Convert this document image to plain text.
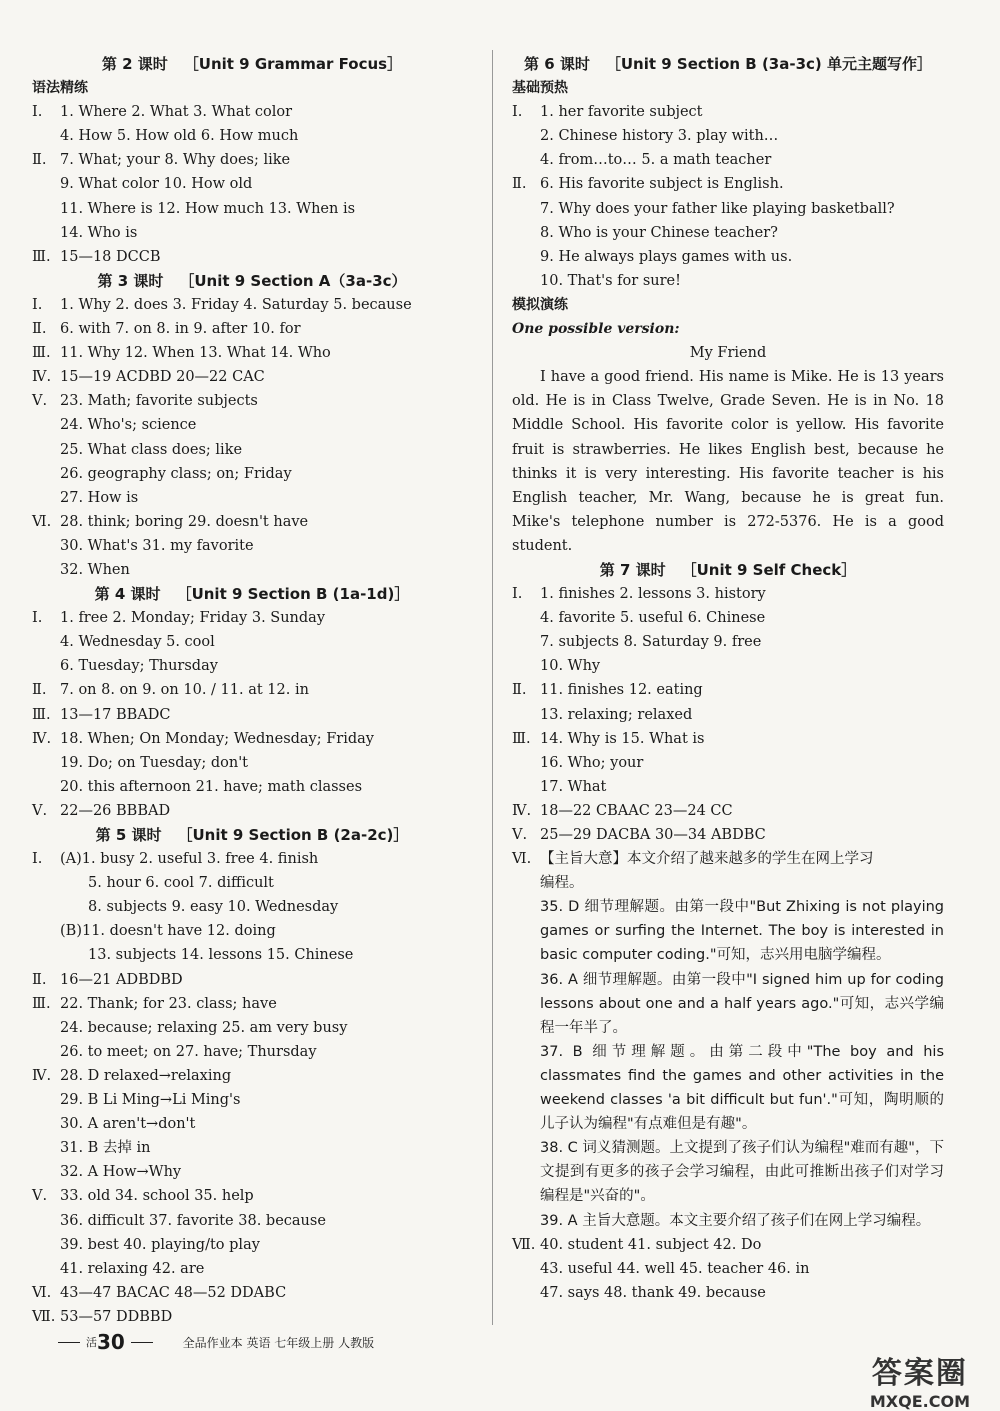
第 2 课时 ［Unit 9 Grammar Focus］
语法精练
Ⅰ. 1. Where 2. What 3. What color
4. How 5. How old 6. How much
Ⅱ. 7. What; your 8. Why does; like
9. What color 10. How old
11. Where is 12. How much 13. When is
14. Who is
Ⅲ. 15—18 DCCB
第 3 课时 ［Unit 9 Section A（3a-3c）
Ⅰ. 1. Why 2. does 3. Friday 4. Saturday 5. because
Ⅱ. 6. with 7. on 8. in 9. after 10. for
Ⅲ. 11. Why 12. When 13. What 14. Who
Ⅳ. 15—19 ACDBD 20—22 CAC
Ⅴ. 23. Math; favorite subjects
24. Who's; science
25. What class does; like
26. geography class; on; Friday
27. How is
Ⅵ. 28. think; boring 29. doesn't have
30. What's 31. my favorite
32. When
第 4 课时 ［Unit 9 Section B (1a-1d)］
Ⅰ. 1. free 2. Monday; Friday 3. Sunday
4. Wednesday 5. cool
6. Tuesday; Thursday
Ⅱ. 7. on 8. on 9. on 10. / 11. at 12. in
Ⅲ. 13—17 BBADC
Ⅳ. 18. When; On Monday; Wednesday; Friday
19. Do; on Tuesday; don't
20. this afternoon 21. have; math classes
Ⅴ. 22—26 BBBAD
第 5 课时 ［Unit 9 Section B (2a-2c)］
Ⅰ. (A)1. busy 2. useful 3. free 4. finish
5. hour 6. cool 7. difficult
8. subjects 9. easy 10. Wednesday
(B)11. doesn't have 12. doing
13. subjects 14. lessons 15. Chinese
Ⅱ. 16—21 ADBDBD
Ⅲ. 22. Thank; for 23. class; have
24. because; relaxing 25. am very busy
26. to meet; on 27. have; Thursday
Ⅳ. 28. D relaxed→relaxing
29. B Li Ming→Li Ming's
30. A aren't→don't
31. B 去掉 in
32. A How→Why
Ⅴ. 33. old 34. school 35. help
36. difficult 37. favorite 38. because
39. best 40. playing/to play
41. relaxing 42. are
Ⅵ. 43—47 BACAC 48—52 DDABC
Ⅶ. 53—57 DDBBD
第 6 课时 ［Unit 9 Section B (3a-3c) 单元主题写作］
基础预热
Ⅰ. 1. her favorite subject
2. Chinese history 3. play with…
4. from…to… 5. a math teacher
Ⅱ. 6. His favorite subject is English.
7. Why does your father like playing basketball?
8. Who is your Chinese teacher?
9. He always plays games with us.
10. That's for sure!
模拟演练
One possible version:
My Friend

I have a good friend. His name is Mike. He is 13 years old. He is in Class Twelve, Grade Seven. He is in No. 18 Middle School. His favorite color is yellow. His favorite fruit is strawberries. He likes English best, because he thinks it is very interesting. His favorite teacher is his English teacher, Mr. Wang, because he is great fun. Mike's telephone number is 272-5376. He is a good student.

第 7 课时 ［Unit 9 Self Check］
Ⅰ. 1. finishes 2. lessons 3. history
4. favorite 5. useful 6. Chinese
7. subjects 8. Saturday 9. free
10. Why
Ⅱ. 11. finishes 12. eating
13. relaxing; relaxed
Ⅲ. 14. Why is 15. What is
16. Who; your
17. What
Ⅳ. 18—22 CBAAC 23—24 CC
Ⅴ. 25—29 DACBA 30—34 ABDBC
Ⅵ. 【主旨大意】本文介绍了越来越多的学生在网上学习
编程。
35. D 细节理解题。由第一段中"But Zhixing is not playing games or surfing the Internet. The boy is interested in basic computer coding."可知，志兴用电脑学编程。
36. A 细节理解题。由第一段中"I signed him up for coding lessons about one and a half years ago."可知，志兴学编程一年半了。
37. B 细节理解题。由第二段中"The boy and his classmates find the games and other activities in the weekend classes 'a bit difficult but fun'."可知，陶明顺的儿子认为编程"有点难但是有趣"。
38. C 词义猜测题。上文提到了孩子们认为编程"难而有趣"，下文提到有更多的孩子会学习编程，由此可推断出孩子们对学习编程是"兴奋的"。
39. A 主旨大意题。本文主要介绍了孩子们在网上学习编程。
Ⅶ. 40. student 41. subject 42. Do
43. useful 44. well 45. teacher 46. in
47. says 48. thank 49. because
活30	全品作业本 英语 七年级上册 人教版
答案圈
MXQE.COM
